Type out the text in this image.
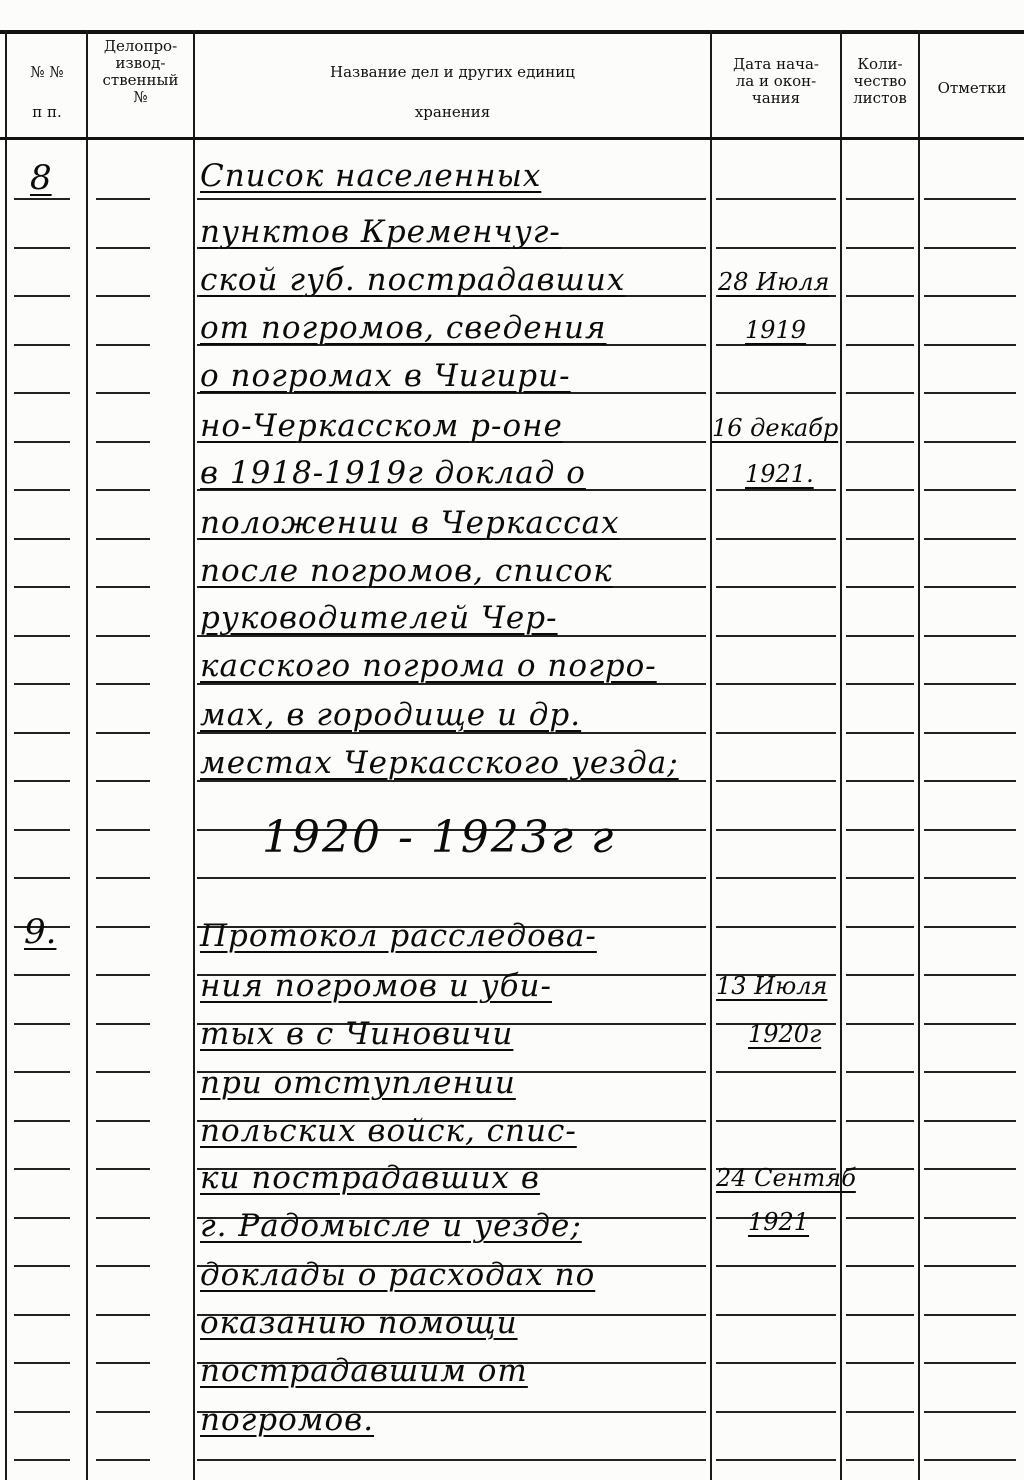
№ №
п п.
Делопро-
извод-
ственный
№
Название дел и других единиц
хранения
Дата нача-
ла и окон-
чания
Коли-
чество
листов
Отметки
8	Список населенных
пунктов Кременчуг-
ской губ. пострадавших
от погромов, сведения
о погромах в Чигири-
но-Черкасском р-оне
в 1918-1919г доклад о
положении в Черкассах
после погромов, список
руководителей Чер-
касского погрома о погро-
мах, в городище и др.
местах Черкасского уезда;
28 Июля
1919
16 декабр
1921.
1920 - 1923г г
9.	Протокол расследова-
ния погромов и уби-
тых в с Чиновичи
при отступлении
польских войск, спис-
ки пострадавших в
г. Радомысле и уезде;
доклады о расходах по
оказанию помощи
пострадавшим от
погромов.
13 Июля
1920г
24 Сентяб
1921
